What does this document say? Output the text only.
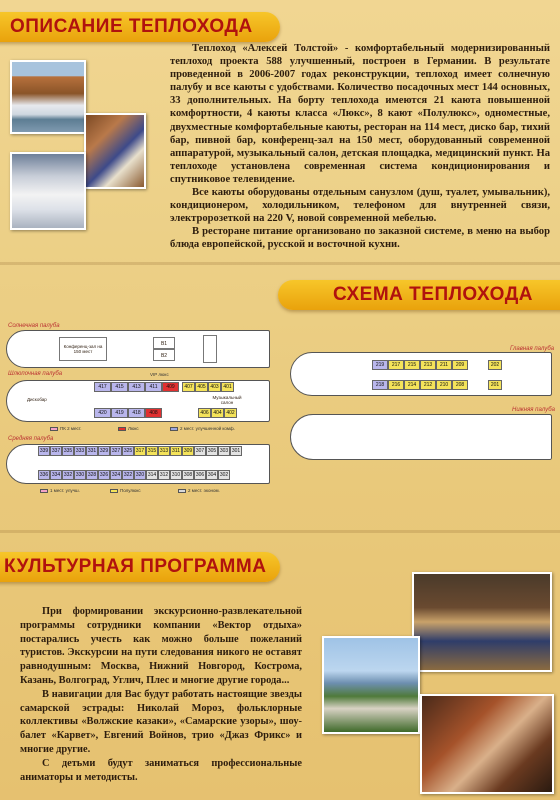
ОПИСАНИЕ ТЕПЛОХОДА

Теплоход «Алексей Толстой» - комфортабельный модернизированный теплоход проекта 588 улучшенный, построен в Германии. В результате проведенной в 2006-2007 годах реконструкции, теплоход имеет солнечную палубу и все каюты с удобствами. Количество посадочных мест 144 основных, 33 дополнительных. На борту теплохода имеются 21 каюта повышенной комфортности, 4 каюты класса «Люкс», 8 кают «Полулюкс», одноместные, двухместные комфортабельные каюты, ресторан на 114 мест, диско бар, тихий бар, пивной бар, конференц-зал на 150 мест, оборудованный современной аппаратурой, музыкальный салон, детская площадка, медицинский пункт. На теплоходе установлена современная система кондиционирования и спутниковое телевидение.

Все каюты оборудованы отдельным санузлом (душ, туалет, умывальник), кондиционером, холодильником, телефоном для внутренней связи, электророзеткой на 220 V, новой современной мебелью.

В ресторане питание организовано по заказной системе, в меню на выбор блюда европейской, русской и восточной кухни.

СХЕМА ТЕПЛОХОДА
Солнечная палуба
Конференц-зал на 150 мест
B1
B2
Шлюпочная палуба	VIP люкс
Дискобар	Музыкальный салон
417	415	413	411	409	407 405 403 401
420	419	418	408	406 404 402
ПК 2 мест.	Люкс	2 мест. улучшенной комф.
Средняя палуба
339 337 335 333 331 329 327 325 317 315 313 311 309 307 305 303 301
336 334 332 330 328 326 324 322 320 314 312 310 308 306 304 302
1 мест. улучш.	Полулюкс	2 мест. эконом.
Главная палуба
219	217	215	213	211	209
218	216	214	212	210	208
202
201
Нижняя палуба
КУЛЬТУРНАЯ ПРОГРАММА

При формировании экскурсионно-развлекательной программы сотрудники компании «Вектор отдыха» постарались учесть как можно больше пожеланий туристов. Экскурсии на пути следования никого не оставят равнодушным: Москва, Нижний Новгород, Кострома, Казань, Волгоград, Углич, Плес и многие другие города...

В навигации для Вас будут работать настоящие звезды самарской эстрады: Николай Мороз, фольклорные коллективы «Волжские казаки», «Самарские узоры», шоу-балет «Карвет», Евгений Войнов, трио «Джаз Фрикс» и многие другие.

С детьми будут заниматься профессиональные аниматоры и методисты.
